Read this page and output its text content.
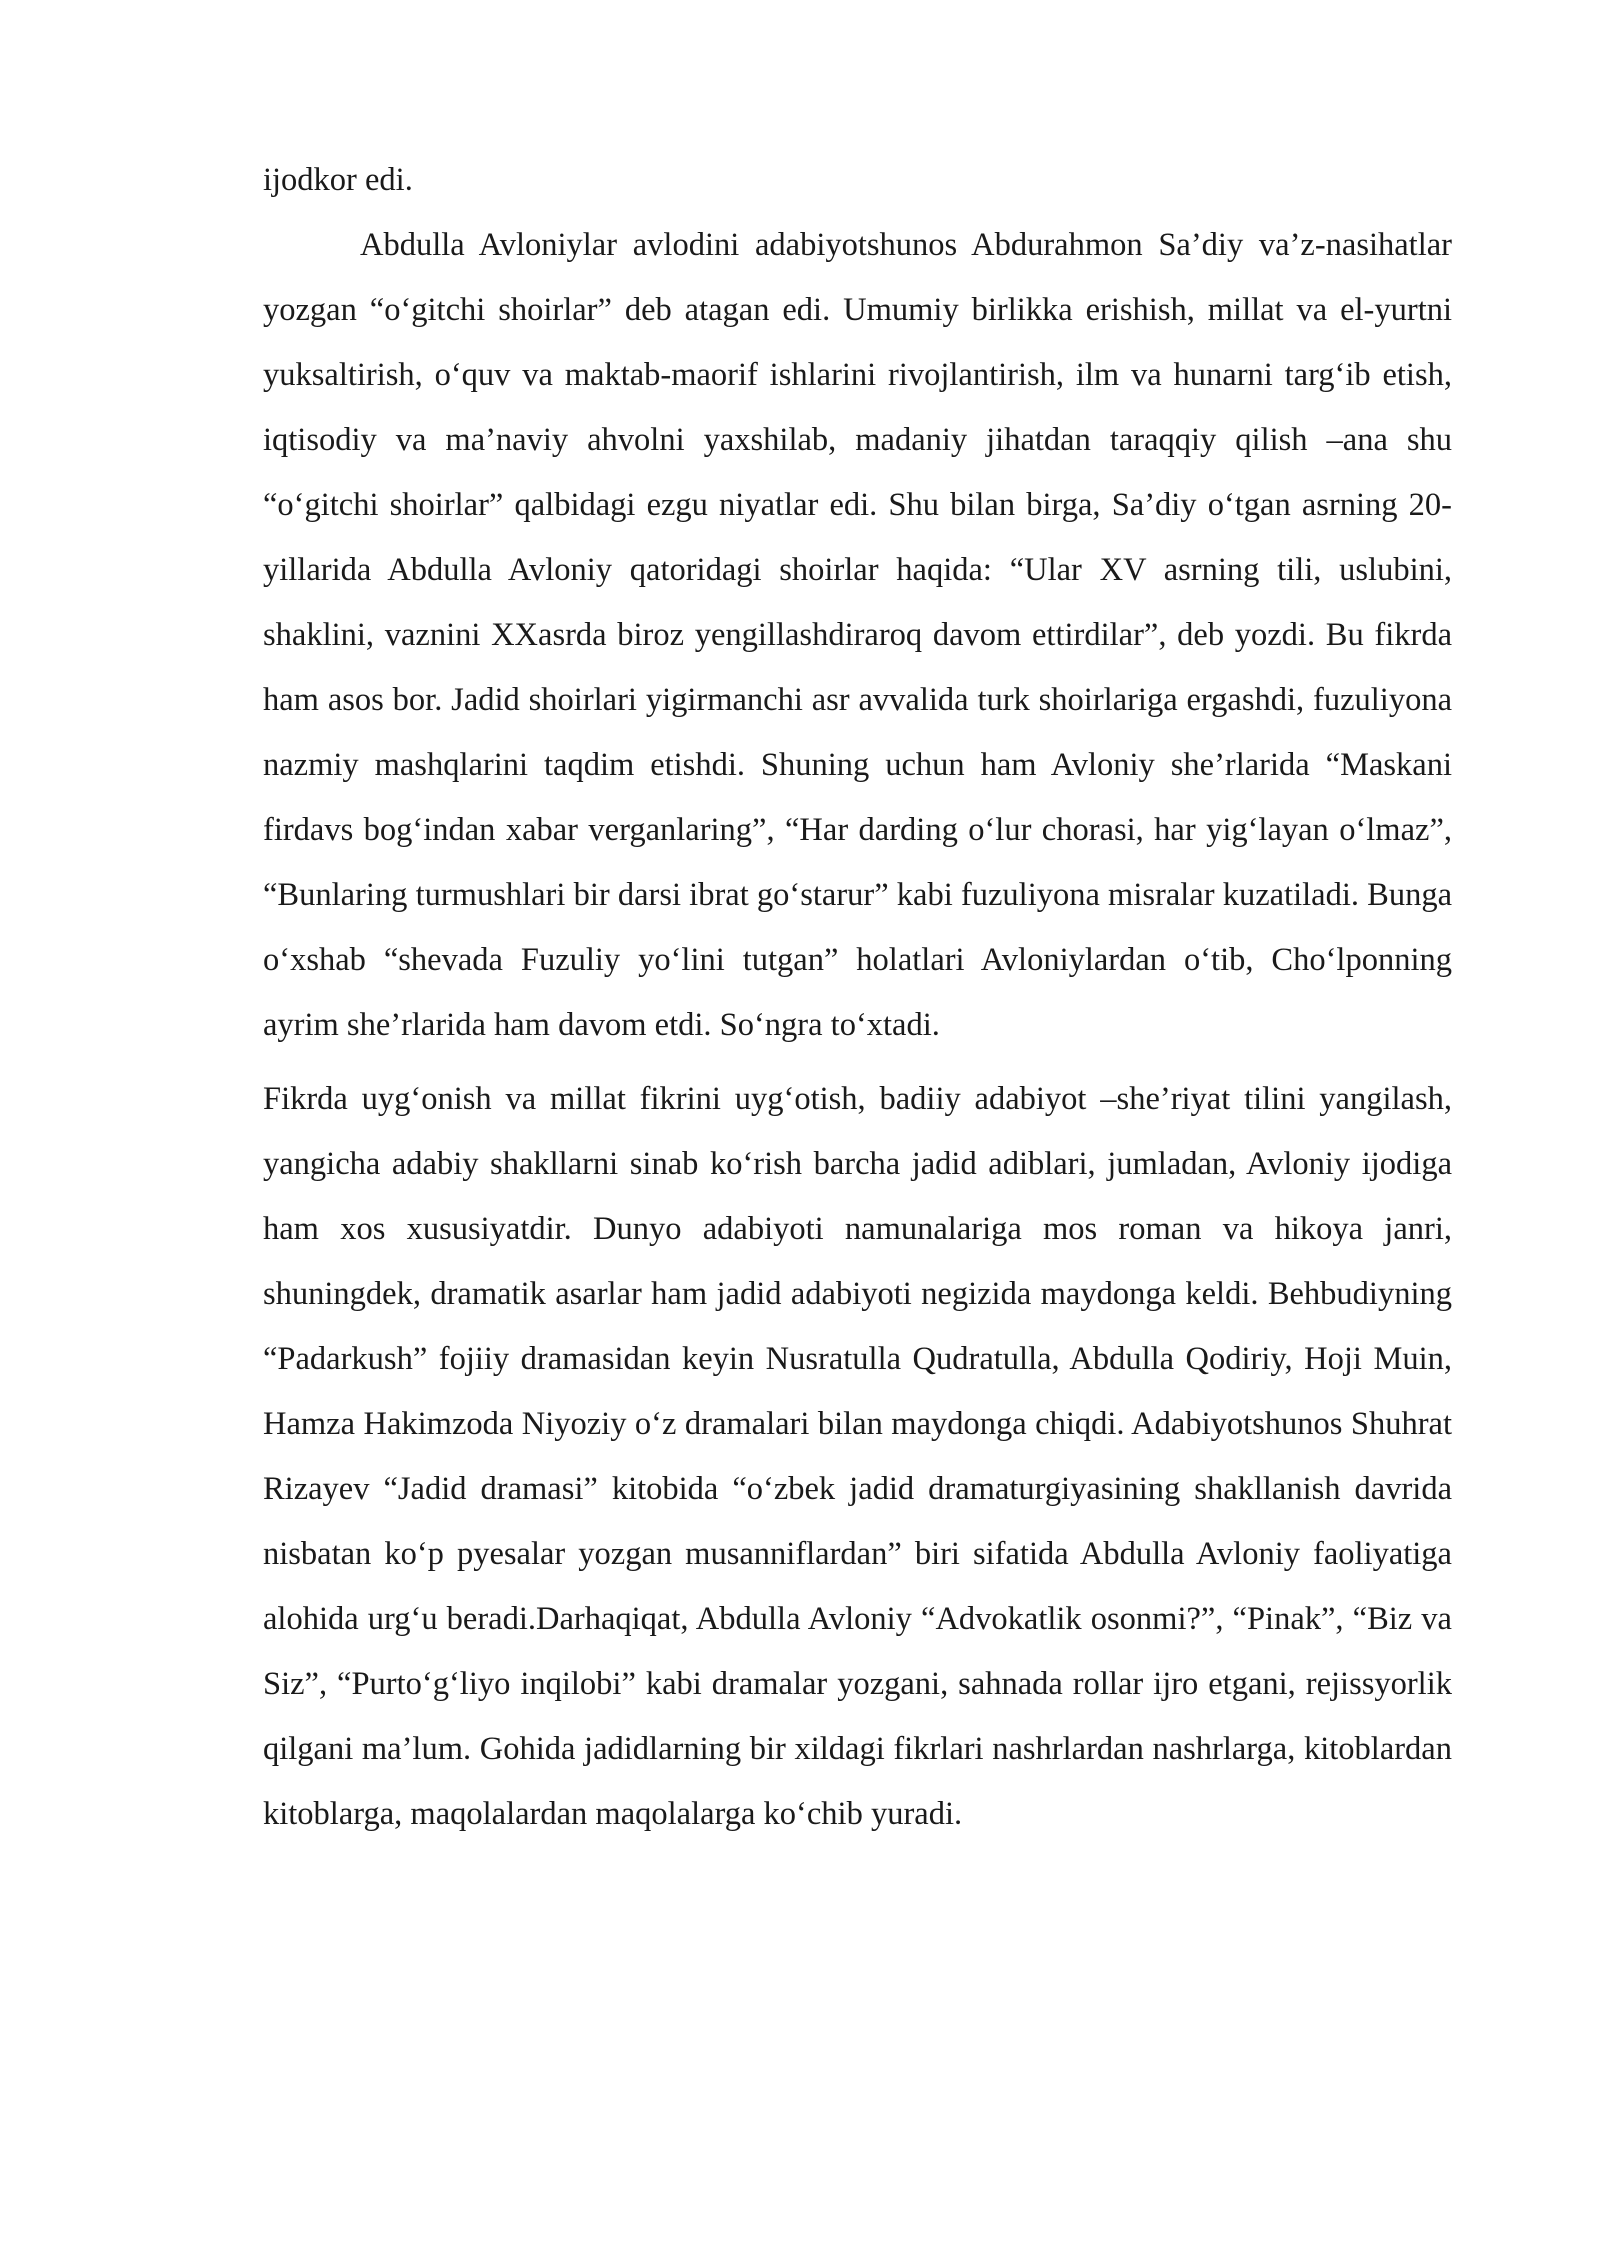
ijodkor edi.

Abdulla Avloniylar avlodini adabiyotshunos Abdurahmon Sa’diy va’z-nasihatlar yozgan “o‘gitchi shoirlar” deb atagan edi. Umumiy birlikka erishish, millat va el-yurtni yuksaltirish, o‘quv va maktab-maorif ishlarini rivojlantirish, ilm va hunarni targ‘ib etish, iqtisodiy va ma’naviy ahvolni yaxshilab, madaniy jihatdan taraqqiy qilish –ana shu “o‘gitchi shoirlar” qalbidagi ezgu niyatlar edi. Shu bilan birga, Sa’diy o‘tgan asrning 20-yillarida Abdulla Avloniy qatoridagi shoirlar haqida: “Ular XV asrning tili, uslubini, shaklini, vaznini XXasrda biroz yengillashdiraroq davom ettirdilar”, deb yozdi. Bu fikrda ham asos bor. Jadid shoirlari yigirmanchi asr avvalida turk shoirlariga ergashdi, fuzuliyona nazmiy mashqlarini taqdim etishdi. Shuning uchun ham Avloniy she’rlarida “Maskani firdavs bog‘indan xabar verganlaring”, “Har darding o‘lur chorasi, har yig‘layan o‘lmaz”, “Bunlaring turmushlari bir darsi ibrat go‘starur” kabi fuzuliyona misralar kuzatiladi. Bunga o‘xshab “shevada Fuzuliy yo‘lini tutgan” holatlari Avloniylardan o‘tib, Cho‘lponning ayrim she’rlarida ham davom etdi. So‘ngra to‘xtadi.

Fikrda uyg‘onish va millat fikrini uyg‘otish, badiiy adabiyot –she’riyat tilini yangilash, yangicha adabiy shakllarni sinab ko‘rish barcha jadid adiblari, jumladan, Avloniy ijodiga ham xos xususiyatdir. Dunyo adabiyoti namunalariga mos roman va hikoya janri, shuningdek, dramatik asarlar ham jadid adabiyoti negizida maydonga keldi. Behbudiyning “Padarkush” fojiiy dramasidan keyin Nusratulla Qudratulla, Abdulla Qodiriy, Hoji Muin, Hamza Hakimzoda Niyoziy o‘z dramalari bilan maydonga chiqdi. Adabiyotshunos Shuhrat Rizayev “Jadid dramasi” kitobida “o‘zbek jadid dramaturgiyasining shakllanish davrida nisbatan ko‘p pyesalar yozgan musanniflardan” biri sifatida Abdulla Avloniy faoliyatiga alohida urg‘u beradi.Darhaqiqat, Abdulla Avloniy “Advokatlik osonmi?”, “Pinak”, “Biz va Siz”, “Purto‘g‘liyo inqilobi” kabi dramalar yozgani, sahnada rollar ijro etgani, rejissyorlik qilgani ma’lum. Gohida jadidlarning bir xildagi fikrlari nashrlardan nashrlarga, kitoblardan kitoblarga, maqolalardan maqolalarga ko‘chib yuradi.
